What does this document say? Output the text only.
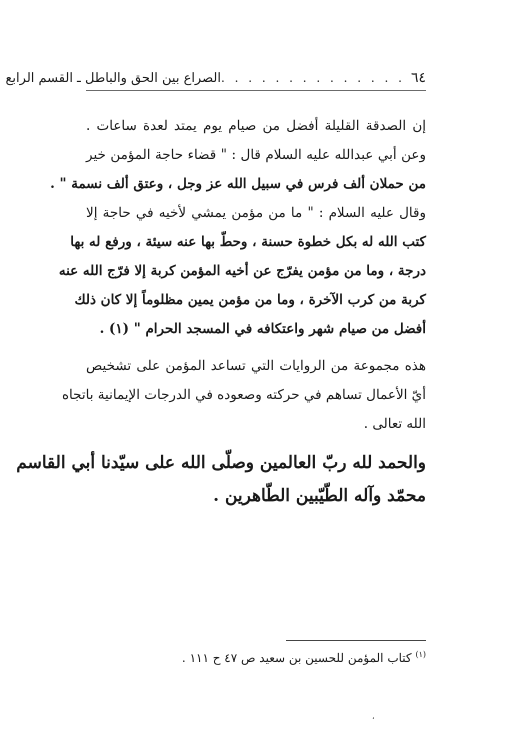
٦٤
. . . . . . . . . . . . . .
الصراع بين الحق والباطل ـ القسم الرابع
إن الصدقة القليلة أفضل من صيام يوم يمتد لعدة ساعات .
وعن أبي عبدالله عليه السلام قال : " قضاء حاجة المؤمن خير
من حملان ألف فرس في سبيل الله عز وجل ، وعتق ألف نسمة " .
وقال عليه السلام : " ما من مؤمن يمشي لأخيه في حاجة إلا
كتب الله له بكل خطوة حسنة ، وحطّ بها عنه سيئة ، ورفع له بها
درجة ، وما من مؤمن يفرّج عن أخيه المؤمن كربة إلا فرّج الله عنه
كربة من كرب الآخرة ، وما من مؤمن يمين مظلوماً إلا كان ذلك
أفضل من صيام شهر واعتكافه في المسجد الحرام " (١) .
هذه مجموعة من الروايات التي تساعد المؤمن على تشخيص
أيّ الأعمال تساهم في حركته وصعوده في الدرجات الإيمانية باتجاه
الله تعالى .
والحمد لله ربّ العالمين وصلّى الله على سيّدنا أبي القاسم
محمّد وآله الطّيّبين الطّاهرين .
$^{(١)}$ كتاب المؤمن للحسين بن سعيد ص ٤٧ ح ١١١ .
،
